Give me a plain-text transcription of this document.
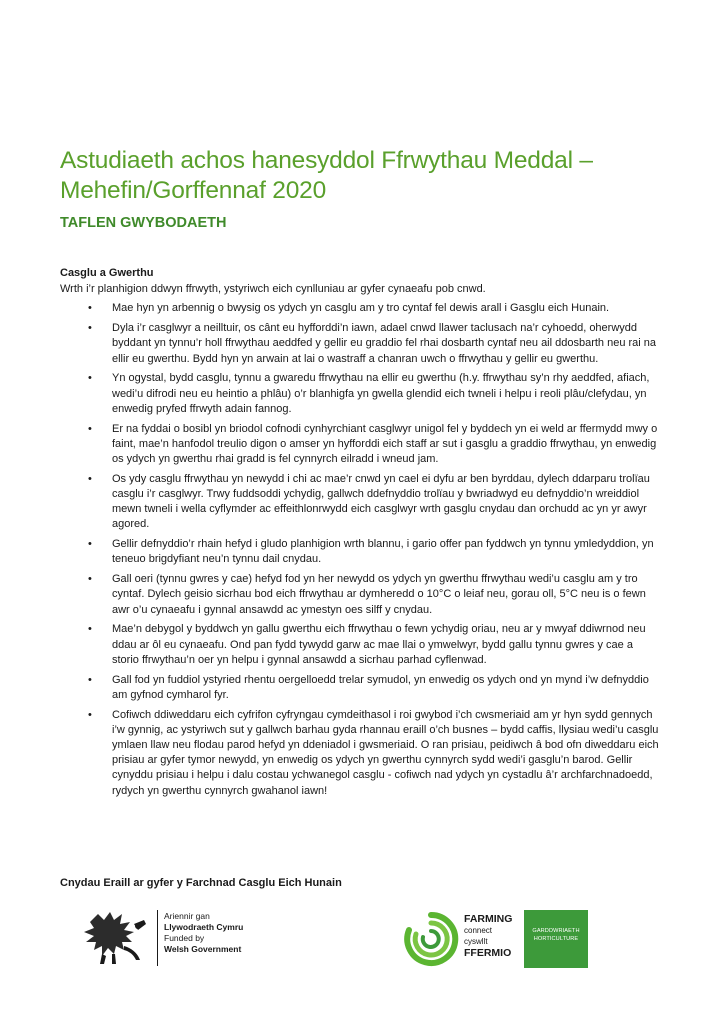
Astudiaeth achos hanesyddol Ffrwythau Meddal –
Mehefin/Gorffennaf 2020
TAFLEN GWYBODAETH

Casglu a Gwerthu

Wrth i’r planhigion ddwyn ffrwyth, ystyriwch eich cynlluniau ar gyfer cynaeafu pob cnwd.

• Mae hyn yn arbennig o bwysig os ydych yn casglu am y tro cyntaf fel dewis arall i Gasglu eich Hunain.
• Dyla i’r casglwyr a neilltuir, os cânt eu hyfforddi’n iawn, adael cnwd llawer taclusach na’r cyhoedd, oherwydd byddant yn tynnu’r holl ffrwythau aeddfed y gellir eu graddio fel rhai dosbarth cyntaf neu ail ddosbarth neu rai na ellir eu gwerthu. Bydd hyn yn arwain at lai o wastraff a chanran uwch o ffrwythau y gellir eu gwerthu.
• Yn ogystal, bydd casglu, tynnu a gwaredu ffrwythau na ellir eu gwerthu (h.y. ffrwythau sy’n rhy aeddfed, afiach, wedi’u difrodi neu eu heintio a phlâu) o’r blanhigfa yn gwella glendid eich twneli i helpu i reoli plâu/clefydau, yn enwedig pryfed ffrwyth adain fannog.
• Er na fyddai o bosibl yn briodol cofnodi cynhyrchiant casglwyr unigol fel y byddech yn ei weld ar ffermydd mwy o faint, mae’n hanfodol treulio digon o amser yn hyfforddi eich staff ar sut i gasglu a graddio ffrwythau, yn enwedig os ydych yn gwerthu rhai gradd is fel cynnyrch eilradd i wneud jam.
• Os ydy casglu ffrwythau yn newydd i chi ac mae’r cnwd yn cael ei dyfu ar ben byrddau, dylech ddarparu trolïau casglu i’r casglwyr. Trwy fuddsoddi ychydig, gallwch ddefnyddio trolïau y bwriadwyd eu defnyddio’n wreiddiol mewn twneli i wella cyflymder ac effeithlonrwydd eich casglwyr wrth gasglu cnydau dan orchudd ac yn yr awyr agored.
• Gellir defnyddio’r rhain hefyd i gludo planhigion wrth blannu, i gario offer pan fyddwch yn tynnu ymledyddion, yn teneuo brigdyfiant neu’n tynnu dail cnydau.
• Gall oeri (tynnu gwres y cae) hefyd fod yn her newydd os ydych yn gwerthu ffrwythau wedi’u casglu am y tro cyntaf. Dylech geisio sicrhau bod eich ffrwythau ar dymheredd o 10°C o leiaf neu, gorau oll, 5°C neu is o fewn awr o’u cynaeafu i gynnal ansawdd ac ymestyn oes silff y cnydau.
• Mae’n debygol y byddwch yn gallu gwerthu eich ffrwythau o fewn ychydig oriau, neu ar y mwyaf ddiwrnod neu ddau ar ôl eu cynaeafu. Ond pan fydd tywydd garw ac mae llai o ymwelwyr, bydd gallu tynnu gwres y cae a storio ffrwythau’n oer yn helpu i gynnal ansawdd a sicrhau parhad cyflenwad.
• Gall fod yn fuddiol ystyried rhentu oergelloedd trelar symudol, yn enwedig os ydych ond yn mynd i’w defnyddio am gyfnod cymharol fyr.
• Cofiwch ddiweddaru eich cyfrifon cyfryngau cymdeithasol i roi gwybod i’ch cwsmeriaid am yr hyn sydd gennych i’w gynnig, ac ystyriwch sut y gallwch barhau gyda rhannau eraill o’ch busnes – bydd caffis, llysiau wedi’u casglu ymlaen llaw neu flodau parod hefyd yn ddeniadol i gwsmeriaid. O ran prisiau, peidiwch â bod ofn diweddaru eich prisiau ar gyfer tymor newydd, yn enwedig os ydych yn gwerthu cynnyrch sydd wedi’i gasglu’n barod. Gellir cynyddu prisiau i helpu i dalu costau ychwanegol casglu - cofiwch nad ydych yn cystadlu â’r archfarchnadoedd, rydych yn gwerthu cynnyrch gwahanol iawn!

Cnydau Eraill ar gyfer y Farchnad Casglu Eich Hunain

Ariennir gan
Llywodraeth Cymru
Funded by
Welsh Government
FARMING
connect
cyswllt
FFERMIO
GARDDWRIAETH
HORTICULTURE
